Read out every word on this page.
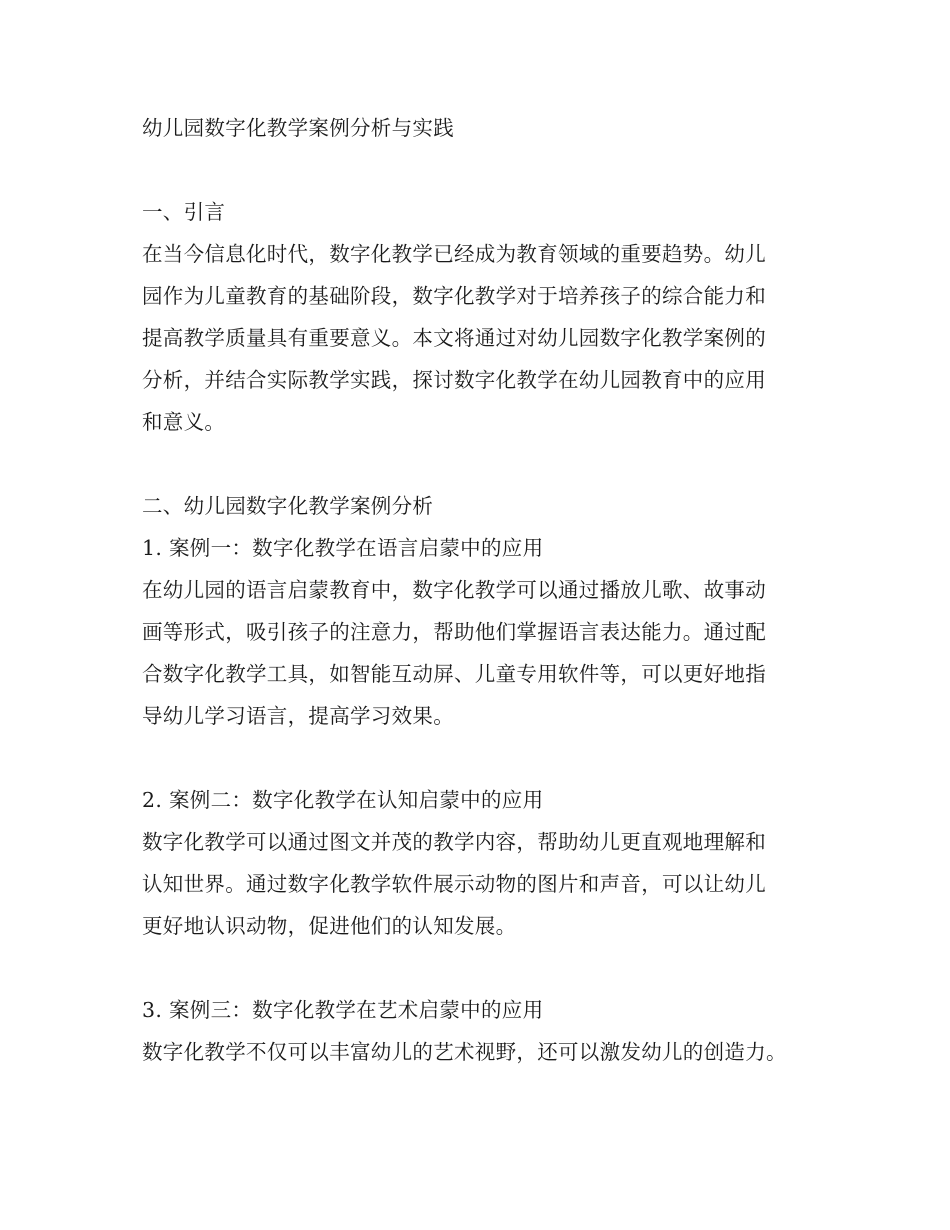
幼儿园数字化教学案例分析与实践
一、引言
在当今信息化时代，数字化教学已经成为教育领域的重要趋势。幼儿
园作为儿童教育的基础阶段，数字化教学对于培养孩子的综合能力和
提高教学质量具有重要意义。本文将通过对幼儿园数字化教学案例的
分析，并结合实际教学实践，探讨数字化教学在幼儿园教育中的应用
和意义。
二、幼儿园数字化教学案例分析
1. 案例一：数字化教学在语言启蒙中的应用
在幼儿园的语言启蒙教育中，数字化教学可以通过播放儿歌、故事动
画等形式，吸引孩子的注意力，帮助他们掌握语言表达能力。通过配
合数字化教学工具，如智能互动屏、儿童专用软件等，可以更好地指
导幼儿学习语言，提高学习效果。
2. 案例二：数字化教学在认知启蒙中的应用
数字化教学可以通过图文并茂的教学内容，帮助幼儿更直观地理解和
认知世界。通过数字化教学软件展示动物的图片和声音，可以让幼儿
更好地认识动物，促进他们的认知发展。
3. 案例三：数字化教学在艺术启蒙中的应用
数字化教学不仅可以丰富幼儿的艺术视野，还可以激发幼儿的创造力。
